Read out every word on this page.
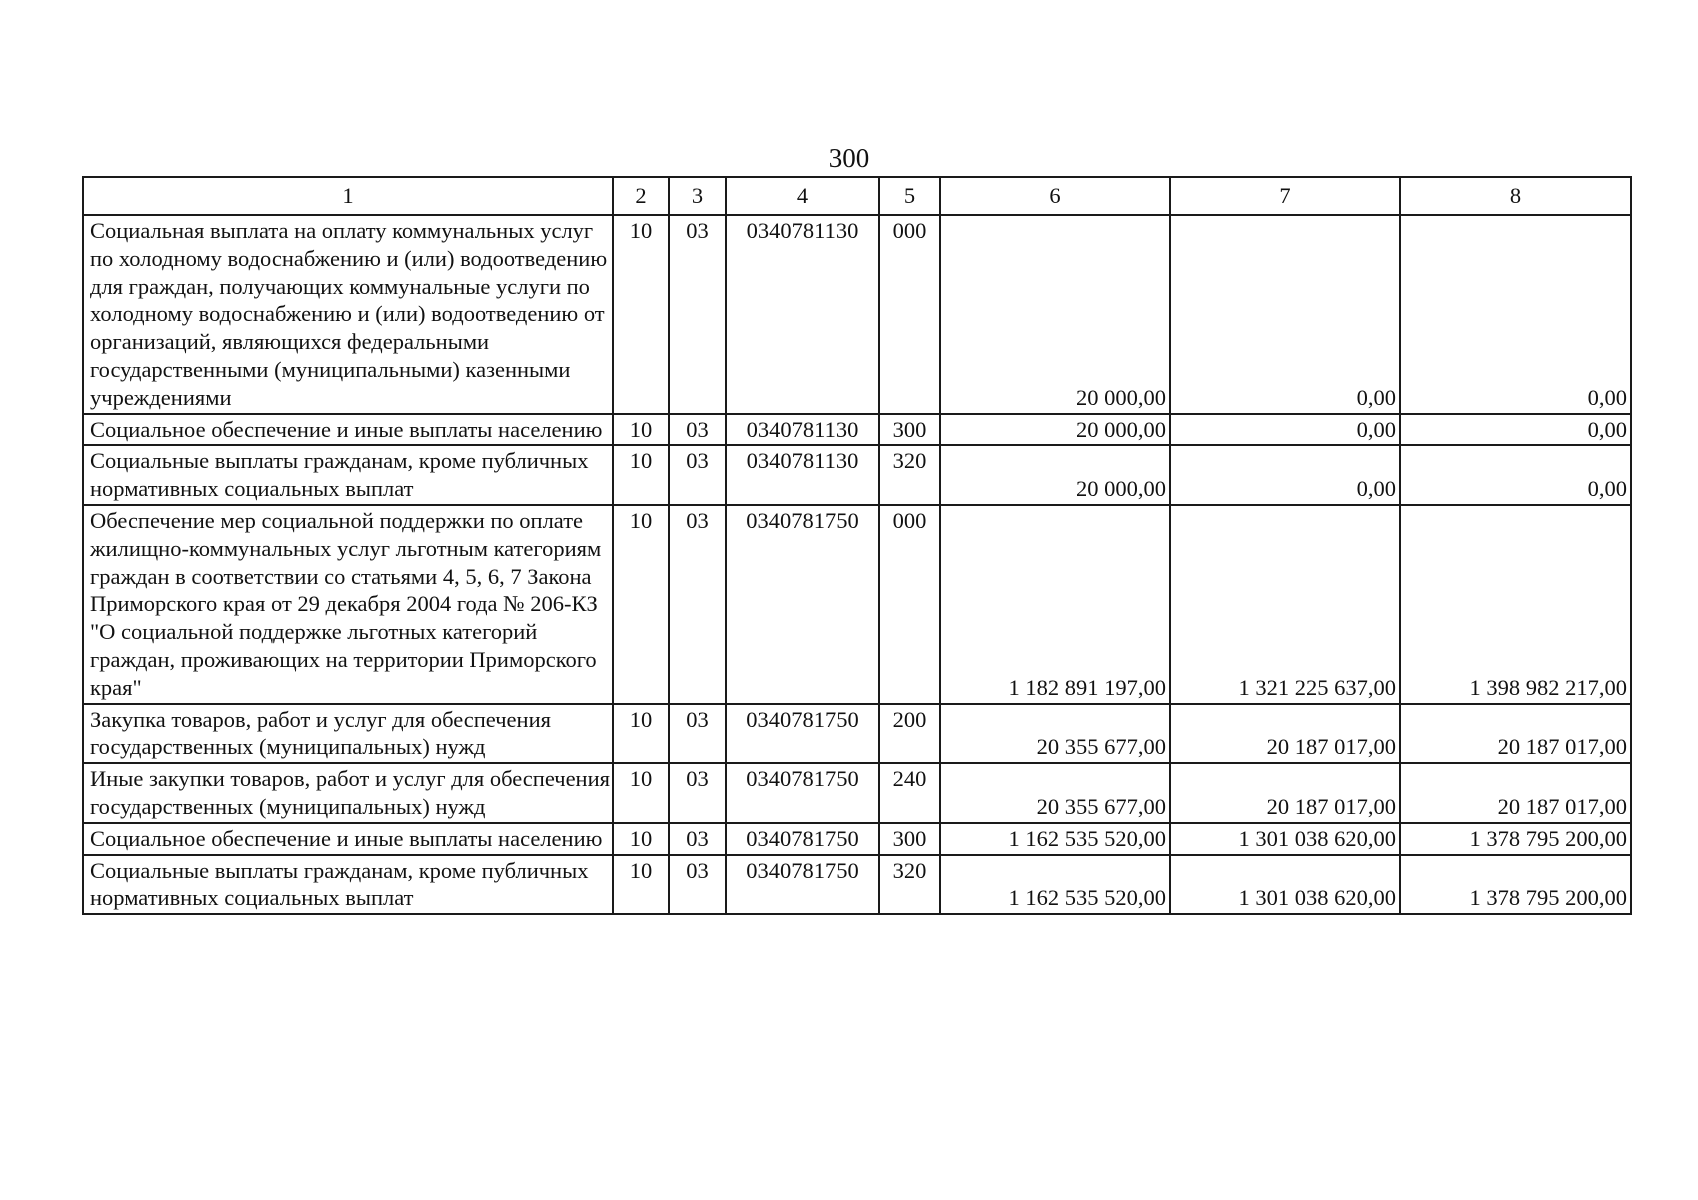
300
1	2	3	4	5	6	7	8
Социальная выплата на оплату коммунальных услуг по холодному водоснабжению и (или) водоотведению для граждан, получающих коммунальные услуги по холодному водоснабжению и (или) водоотведению от организаций, являющихся федеральными государственными (муниципальными) казенными учреждениями	10	03	0340781130	000	20 000,00	0,00	0,00
Социальное обеспечение и иные выплаты населению	10	03	0340781130	300	20 000,00	0,00	0,00
Социальные выплаты гражданам, кроме публичных нормативных социальных выплат	10	03	0340781130	320	20 000,00	0,00	0,00
Обеспечение мер социальной поддержки по оплате жилищно-коммунальных услуг льготным категориям граждан в соответствии со статьями 4, 5, 6, 7 Закона Приморского края от 29 декабря 2004 года № 206-КЗ "О социальной поддержке льготных категорий граждан, проживающих на территории Приморского края"	10	03	0340781750	000	1 182 891 197,00	1 321 225 637,00	1 398 982 217,00
Закупка товаров, работ и услуг для обеспечения государственных (муниципальных) нужд	10	03	0340781750	200	20 355 677,00	20 187 017,00	20 187 017,00
Иные закупки товаров, работ и услуг для обеспечения государственных (муниципальных) нужд	10	03	0340781750	240	20 355 677,00	20 187 017,00	20 187 017,00
Социальное обеспечение и иные выплаты населению	10	03	0340781750	300	1 162 535 520,00	1 301 038 620,00	1 378 795 200,00
Социальные выплаты гражданам, кроме публичных нормативных социальных выплат	10	03	0340781750	320	1 162 535 520,00	1 301 038 620,00	1 378 795 200,00
